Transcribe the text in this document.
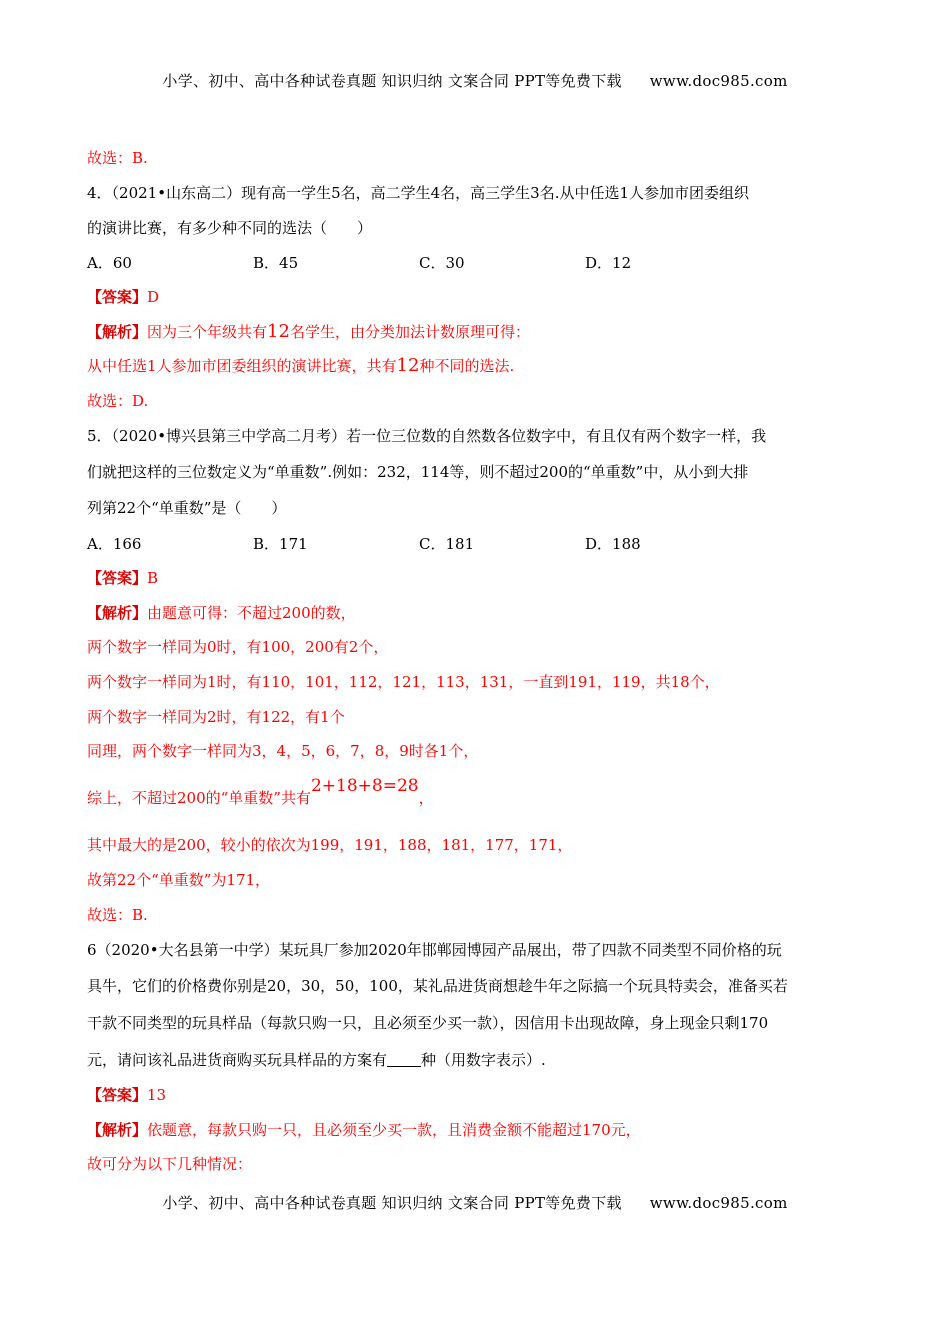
小学、初中、高中各种试卷真题 知识归纳 文案合同 PPT等免费下载 www.doc985.com
故选：B.
4．（2021•山东高二）现有高一学生5名，高二学生4名，高三学生3名.从中任选1人参加市团委组织
的演讲比赛，有多少种不同的选法（　　）
A．60	B．45	C．30	D．12
【答案】D
【解析】因为三个年级共有12名学生，由分类加法计数原理可得：
从中任选1人参加市团委组织的演讲比赛，共有12种不同的选法.
故选：D.
5．（2020•博兴县第三中学高二月考）若一位三位数的自然数各位数字中，有且仅有两个数字一样，我
们就把这样的三位数定义为“单重数”.例如：232，114等，则不超过200的“单重数”中，从小到大排
列第22个“单重数”是（　　）
A．166	B．171	C．181	D．188
【答案】B
【解析】由题意可得：不超过200的数，
两个数字一样同为0时，有100，200有2个，
两个数字一样同为1时，有110，101，112，121，113，131，一直到191，119，共18个，
两个数字一样同为2时，有122，有1个
同理，两个数字一样同为3，4，5，6，7，8，9时各1个，
综上，不超过200的“单重数”共有2+18+8=28，
其中最大的是200，较小的依次为199，191，188，181，177，171，
故第22个“单重数”为171，
故选：B.
6（2020•大名县第一中学）某玩具厂参加2020年邯郸园博园产品展出，带了四款不同类型不同价格的玩
具牛，它们的价格费你别是20，30，50，100，某礼品进货商想趁牛年之际搞一个玩具特卖会，准备买若
干款不同类型的玩具样品（每款只购一只，且必须至少买一款），因信用卡出现故障，身上现金只剩170
元，请问该礼品进货商购买玩具样品的方案有 种（用数字表示）.
【答案】13
【解析】依题意，每款只购一只，且必须至少买一款，且消费金额不能超过170元，
故可分为以下几种情况：
小学、初中、高中各种试卷真题 知识归纳 文案合同 PPT等免费下载 www.doc985.com
